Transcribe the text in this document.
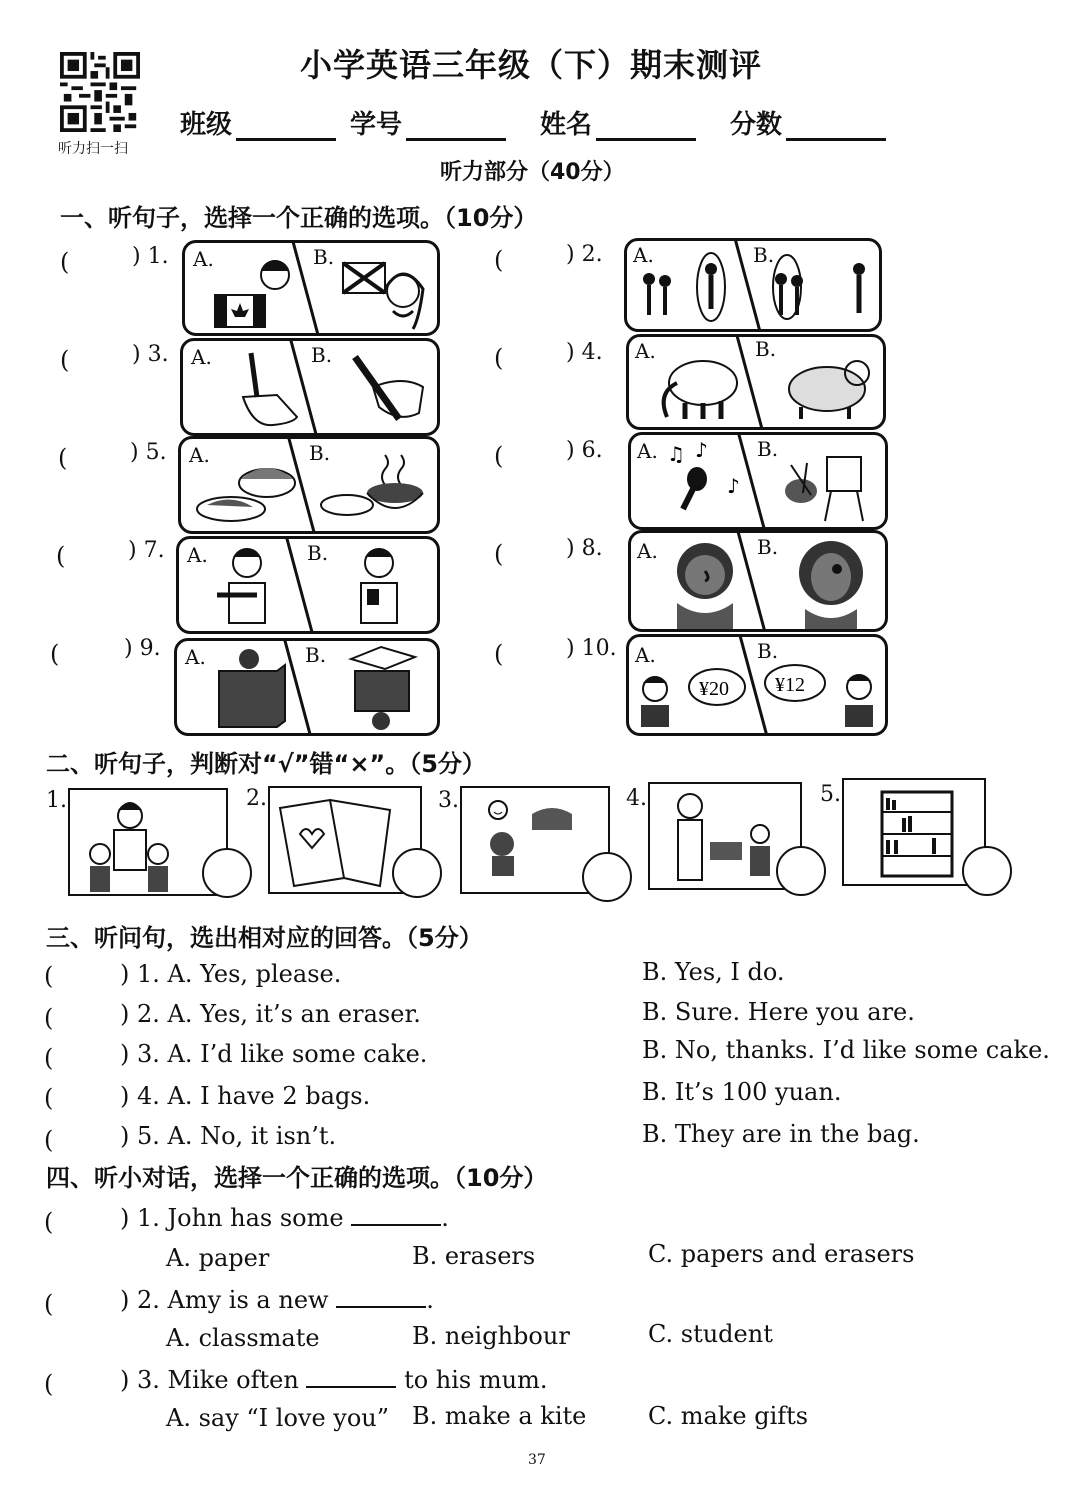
听力扫一扫
小学英语三年级（下）期末测评
班级	学号	姓名	分数
听力部分（40分）
一、听句子，选择一个正确的选项。（10分）
(	) 1. A.	B.
(	) 3. A.	B.
(	) 5. A.	B.
(	) 7. A.	B.
(	) 9. A.	B.
(	) 2. A.	B.
(	) 4. A.	B.
(	) 6. A.	B.
♫ ♪
♪
(	) 8. A.	B.
(	) 10. A.	B.
¥20 ¥12
二、听句子，判断对“√”错“×”。（5分）
1.	2.	3.	4.	5.
三、听问句，选出相对应的回答。（5分）
(	) 1. A. Yes, please.	B. Yes, I do.
(	) 2. A. Yes, it’s an eraser.	B. Sure. Here you are.
(	) 3. A. I’d like some cake.	B. No, thanks. I’d like some cake.
(	) 4. A. I have 2 bags.	B. It’s 100 yuan.
(	) 5. A. No, it isn’t.	B. They are in the bag.
四、听小对话，选择一个正确的选项。（10分）
(	) 1. John has some	.
A. paper	B. erasers	C. papers and erasers
(	) 2. Amy is a new	.
A. classmate	B. neighbour	C. student
(	) 3. Mike often	to his mum.
A. say “I love you” B. make a kite	C. make gifts
37
